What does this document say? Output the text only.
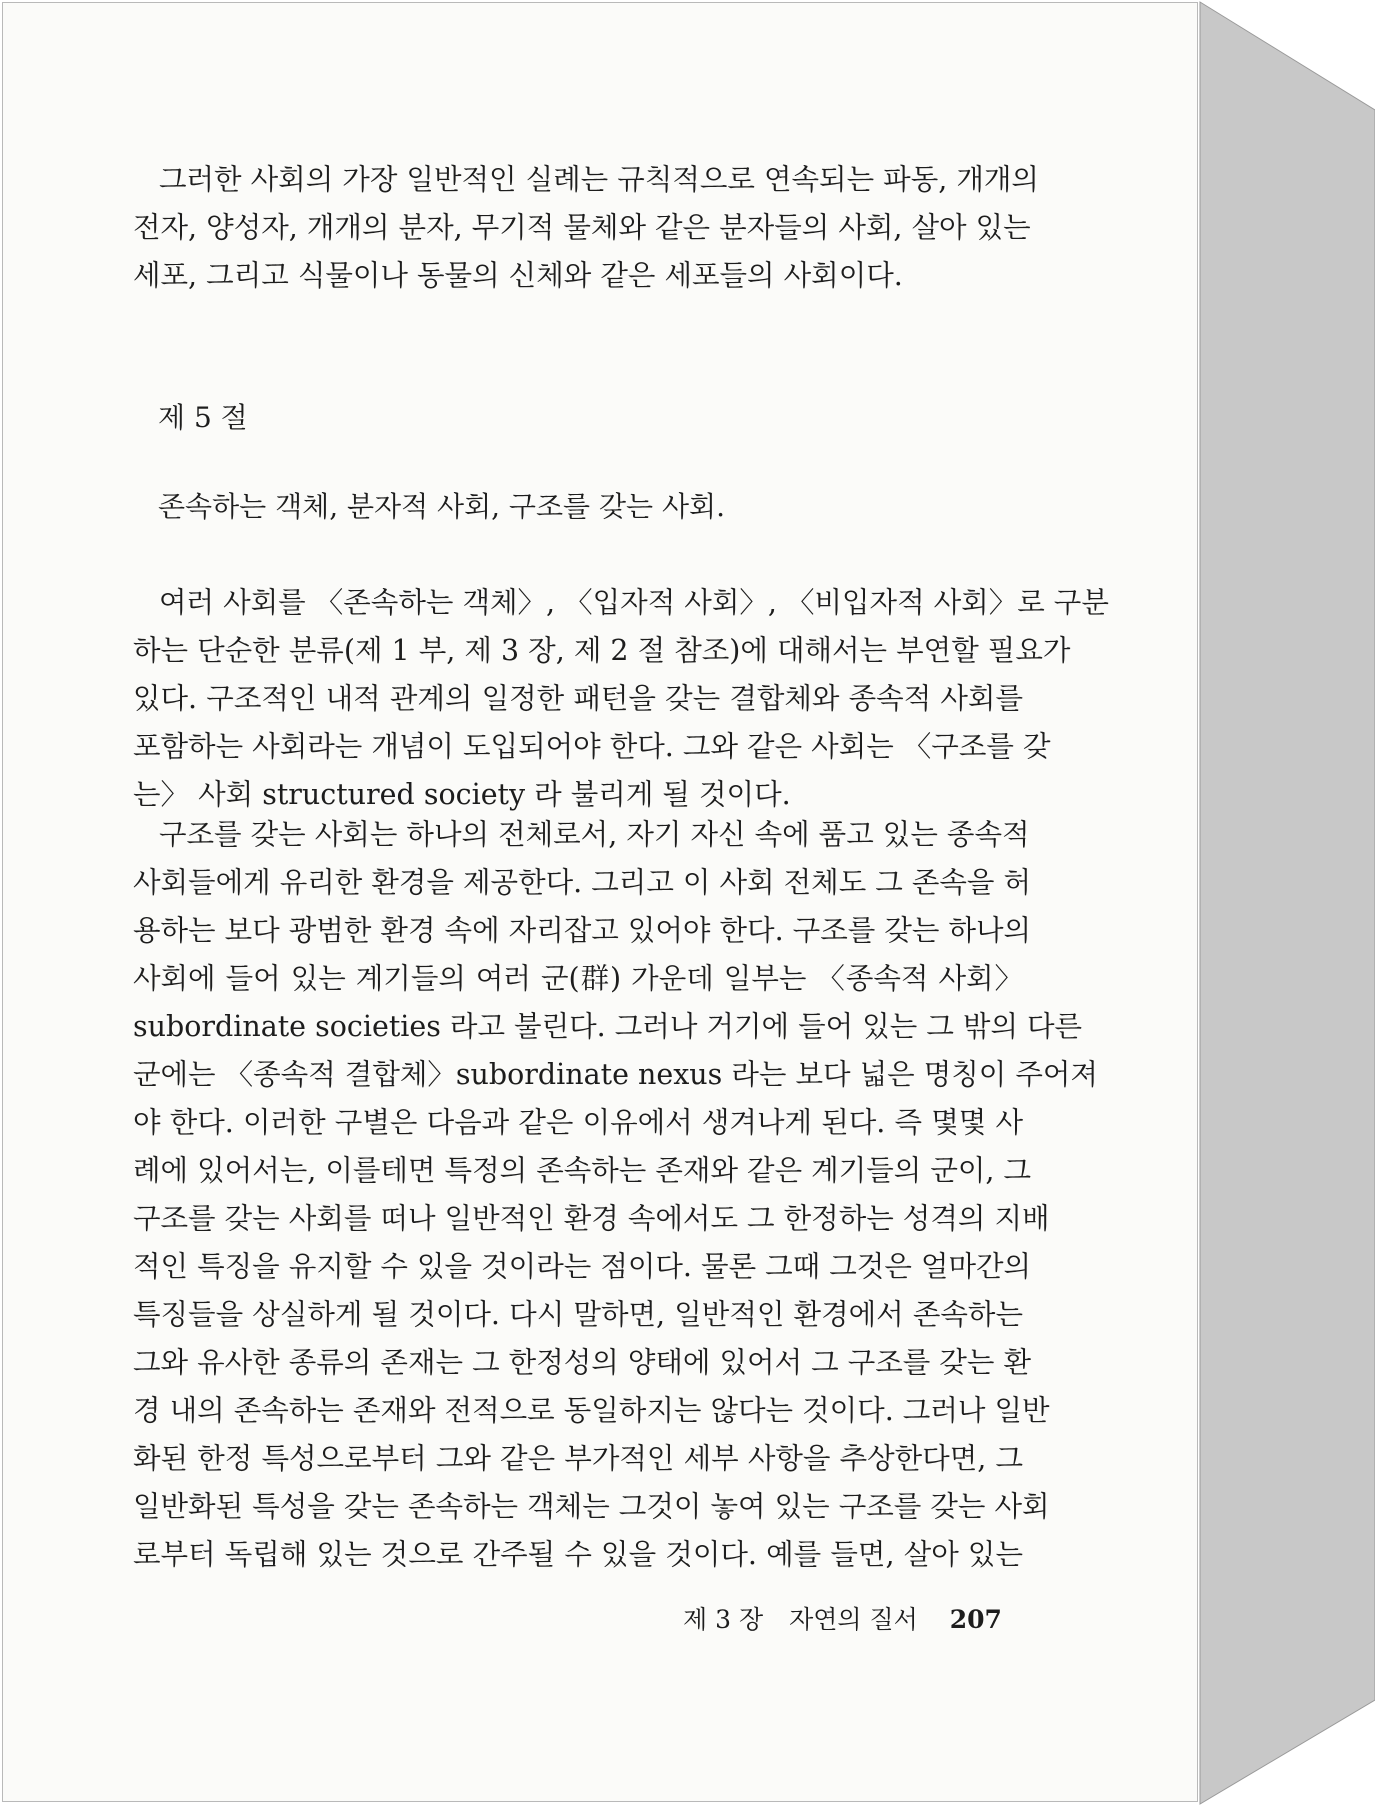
그러한 사회의 가장 일반적인 실례는 규칙적으로 연속되는 파동, 개개의
전자, 양성자, 개개의 분자, 무기적 물체와 같은 분자들의 사회, 살아 있는
세포, 그리고 식물이나 동물의 신체와 같은 세포들의 사회이다.
제 5 절
존속하는 객체, 분자적 사회, 구조를 갖는 사회.
여러 사회를 〈존속하는 객체〉, 〈입자적 사회〉, 〈비입자적 사회〉로 구분
하는 단순한 분류(제 1 부, 제 3 장, 제 2 절 참조)에 대해서는 부연할 필요가
있다. 구조적인 내적 관계의 일정한 패턴을 갖는 결합체와 종속적 사회를
포함하는 사회라는 개념이 도입되어야 한다. 그와 같은 사회는 〈구조를 갖
는〉 사회 structured society 라 불리게 될 것이다.
구조를 갖는 사회는 하나의 전체로서, 자기 자신 속에 품고 있는 종속적
사회들에게 유리한 환경을 제공한다. 그리고 이 사회 전체도 그 존속을 허
용하는 보다 광범한 환경 속에 자리잡고 있어야 한다. 구조를 갖는 하나의
사회에 들어 있는 계기들의 여러 군(群) 가운데 일부는 〈종속적 사회〉
subordinate societies 라고 불린다. 그러나 거기에 들어 있는 그 밖의 다른
군에는 〈종속적 결합체〉subordinate nexus 라는 보다 넓은 명칭이 주어져
야 한다. 이러한 구별은 다음과 같은 이유에서 생겨나게 된다. 즉 몇몇 사
례에 있어서는, 이를테면 특정의 존속하는 존재와 같은 계기들의 군이, 그
구조를 갖는 사회를 떠나 일반적인 환경 속에서도 그 한정하는 성격의 지배
적인 특징을 유지할 수 있을 것이라는 점이다. 물론 그때 그것은 얼마간의
특징들을 상실하게 될 것이다. 다시 말하면, 일반적인 환경에서 존속하는
그와 유사한 종류의 존재는 그 한정성의 양태에 있어서 그 구조를 갖는 환
경 내의 존속하는 존재와 전적으로 동일하지는 않다는 것이다. 그러나 일반
화된 한정 특성으로부터 그와 같은 부가적인 세부 사항을 추상한다면, 그
일반화된 특성을 갖는 존속하는 객체는 그것이 놓여 있는 구조를 갖는 사회
로부터 독립해 있는 것으로 간주될 수 있을 것이다. 예를 들면, 살아 있는
제 3 장 자연의 질서 207
